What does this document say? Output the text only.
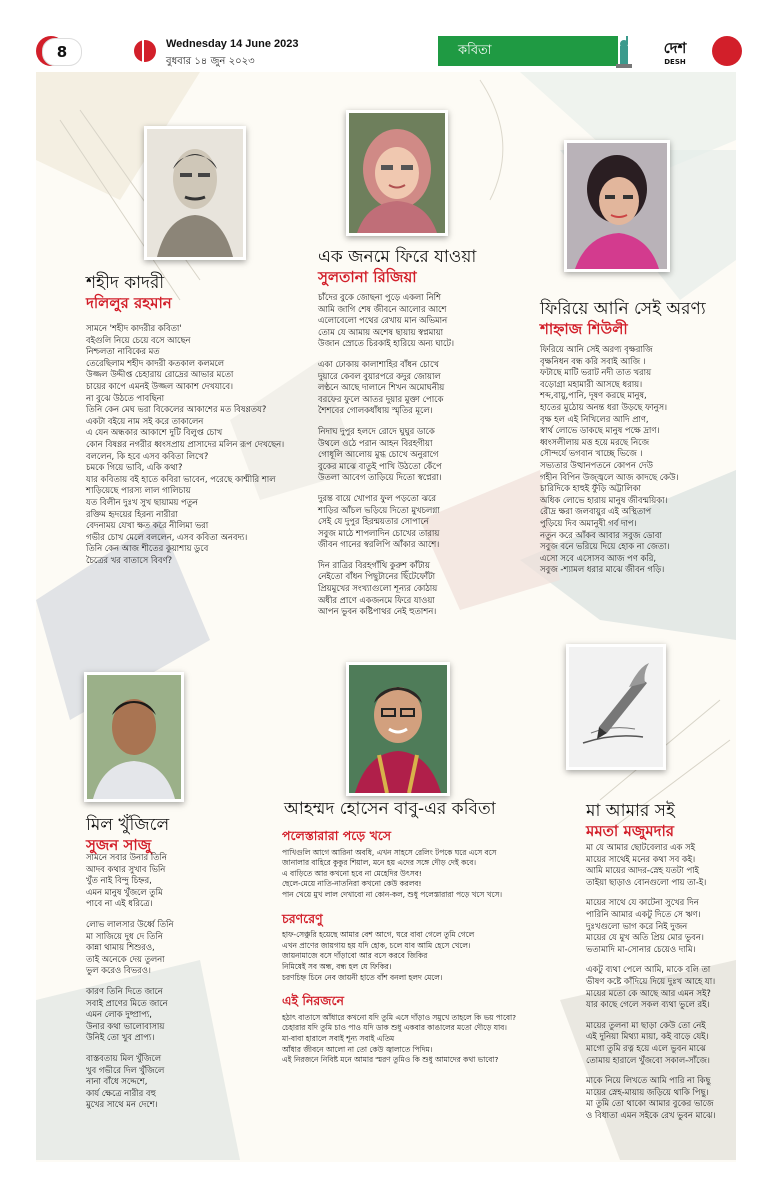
8	Wednesday 14 June 2023
বুধবার ১৪ জুন ২০২৩
কবিতা	দেশ
DESH
শহীদ কাদরী
দলিলুর রহমান
সামনে 'শহীদ কাদরীর কবিতা'
বইগুলি নিয়ে চেয়ে বসে আছেন
নিশ্চলতা নাবিকের মত
তেরেছিলাম শহীদ কাদরী কতকাল কলমলে
উজ্জল উদ্দীপ্ত চেহারায় রোদ্রের আভার মতো
চায়ের কাপে এমনই উজ্জল আকাশ দেখযাবে।
না বুঝে উঠতে পাবছিনা
তিনি কেন মেঘ ভরা বিকেলের আকাশের মত বিষণ্ণতয?
একটা বইয়ে নাম সই করে তাকালেন
এ যেন অন্ধকার আকাশে দুটি বিলুপ্ত চোখ
কোন বিষণ্ণর নগরীর ধ্বংসপ্রায় প্রাসাদের মলিন রূপ দেখছেন।
বললেন, কি হবে এসব কবিতা লিখে?
চমকে গিয়ে ভাবি, একি কথা?
যার কবিতায় বই হাতে কবিরা ভাবেন, পরেছে কাশ্মীরি শাল
শাড়িয়েছে পারস্য লাল গালিচায়
যত বিলীন দুঃখ সুখ ছায়াময় পতুন
রক্তিম হৃদয়ের হিরন্য নারীরা
বেদনাময় যেখা ক্ষত করে নীলিমা ভরা
গভীর চোখ মেলে বললেন, এসব কবিতা অনবদ্য।
তিনি কেন আজ শীতের কুয়াশায় ডুবে
চৈত্রের খর বাতাসে বিবর্ণ?
এক জনমে ফিরে যাওয়া
সুলতানা রিজিয়া
চাঁদের বুকে জোছনা পুড়ে একলা নিশি
আমি জাগি শেষ জীবনে আলোর আশে
এলোবেলো পথের রেখায় মান অভিমান
তোম যে আমায় অশেষ ছায়ায় স্বপ্নমায়া
উজান স্রোতে চিরকাই হারিয়ে অন্য ঘাটে।
একা ঢোকায় কালাশাহির বাঁধন চোখে
দুয়ারে কেবল বুয়ারপরে কদুর জোয়াল
লণ্ঠনে আছে দালানে শিখন অমোঘনীয়
বরফের ফুলে আতর দুয়ার মুক্তা পোকে
শৈশবের গোলকধাঁধায় স্মৃতির মূলে।
নিদাঘ দুপুর হলদে রোদে ঘুঘুর ডাকে
উথলে ওঠে পরান আহন বিরহগীয়া
গোধূলি আলোয় মুগ্ধ চোখে অনুরাগে
বুকের মাঝে বাতুই পাখি উঠতো কেঁপে
উতলা আবেগ তাড়িয়ে দিতো স্বপ্নেরা।
দুরন্ত বায়ে খোপার ফুল পড়তো ঝরে
শাড়ির আঁচল ভড়িয়ে দিতো মুখচলগ্না
সেই যে দুপুর হিরন্ময়তার সোপানে
সবুজ মাঠে শাপলাদিন চোখের তারায়
জীবন গানের স্বরলিপি আঁকার আশে।
দিন রাত্রির বিরহগাঁথি কুরুশ কাঁটায়
নেইতো বাঁধন পিছুটানের ছিঁটেফোঁটা
প্রিয়মুখের সংখ্যাগুলো শূন্যর কোঠায়
অধীর প্রাণে একজনমে ফিরে যাওয়া
আপন ভুবন কষ্টিপাথর নেই হুতাশন।
ফিরিয়ে আনি সেই অরণ্য
শাহ্নাজ শিউলী
ফিরিয়ে আনি সেই অরণ্য বৃক্ষরাজি
বৃক্ষনিধন বন্ধ করি সবাই আজি ।
ফটাছে মাটি ভরাট নদী তাত খরায়
বড়োগ্রা মহামারী আসছে ধরায়।
শব্দ,বায়ু,পানি, দূষণ করছে মানুষ,
হাতের মুঠোয় অনন্ত ধরা উড়ছে ফানুস।
বৃক্ষ হল এই নিখিলের আদি প্রাণ,
স্বার্থ লোভে ডাকছে মানুষ পক্ষে দ্রাণ।
ধ্বংসলীলায় মত্ত হয়ে মরছে নিজে
সৌন্দর্যে ভগবান খাচ্ছে ভিজে ।
সভ্যতার উত্থানপতনে কোপন দেউ
গহীন বিপিন উজ্জ্বলে আজ কাদছে কেউ।
চারিদিকে হাহুই ফুঁড়ি অট্টালিকা
অধিক লোভে হারায় মানুষ জীবন্ময়িকা।
রৌদ্র ক্ষরা জলবায়ুর এই অস্থিতাপ
পুড়িয়ে দিব অমানুষী গর্ব দাপ।
নতুন করে আঁকব আবার সবুজ ডোবা
সবুজ বনে ভরিয়ে দিয়ে হোক না জেতা।
এসো সবে এসোসব আজ পণ করি,
সবুজ -শ্যামল ধরার মাঝে জীবন গড়ি।
মিল খুঁজিলে
সুজন সাজু
সামনে সবার উনার তিনি
আদব কথার সুখাব ভিনি
খুঁত নাই বিন্দু চিহ্নর,
এমন মানুষ খুঁজলে তুমি
পাবে না এই ধরিত্রে।
লোভ লালসার উর্ধ্বে তিনি
মা সাজিয়ে দুধ দে তিনি
কান্না থামায় শিশুরও,
তাই অনেকে দেয় তুলনা
ভুল করেও বিভরও।
কারণ তিনি দিতে জানে
সবাই প্রাণের মিতে জানে
এমন লোক দুষ্প্রাপ্য,
উনার কথা ভালোবাসায়
উনিই তো খুব প্রাপ্য।
বাস্তবতায় মিল খুঁজিলে
খুব গভীরে দিল খুঁজিলে
নানা বাঁধে সদ্দেশে,
কার্য ক্ষেত্রে নারীর বহু
মুখের সাথে মন দেশে।
আহম্মদ হোসেন বাবু-এর কবিতা
পলেস্তারারা পড়ে খসে
পাখিগুলি আগে আরিনা অবধি, এখন সাহসে রেলিং টপকে ঘরে এসে বসে
জানালার বাহিরে কুকুর শিয়াল, মনে হয় এদের সঙ্গে দৌড় দেই কবে।
এ বাড়িতে আর কখনো হবে না মেহেদির উৎসব!
ছেলে-মেয়ে নাতি-নাতনিরা কখনো কেউ করলব!
পান খেয়ে মুখ লাল দেখাবো না কোন-কল, শুধু পলেস্তারারা পড়ে খসে খসে।
চরণরেণু
হাফ-সেঞ্চুরি হয়েছে আমার বেশ আগে, ঘরে বাবা গেলে তুমি গেলে
এখন প্রাণের জায়গায় হয় যদি হোক, চলে যাব আমি হেসে খেলে।
জায়নামাজে বসে দাঁড়াবো আর বসে করবে জিকির
নিমিষেই সব অন্ধ, বন্ধ হল যে ফিকির।
চরণচিহ্ন চিনে নেব জায়নী হাতে বাঁশ বনলা হলদ মেলে।
এই নিরজনে
হঠাৎ বাতাসে আঁধারে কখনো যদি তুমি এসে দাঁড়াও সমুখে তাহলে কি ভয় পাবো?
চেহারার যদি তুমি চাও পাও যদি ডাক শুধু একবার কাঙালের মতো দৌড়ে যাব।
মা-বাবা হারালে সবাই শূন্য সবাই এতিম
আঁধার জীবনে আলো না তো কেউ জ্বালাতে পিদিম।
এই নিরজনে নিবিষ্ট মনে আমার স্মরণ তুমিও কি শুধু আমাদের কথা ভাবো?
মা আমার সই
মমতা মজুমদার
মা যে আমার ছোটবেলার এক সই
মায়ের সাথেই মনের কথা সব কই।
আমি মায়ের আদর-স্নেহ যতটা পাই
তাইয়া ছাড়াও বোনগুলো পায় তা-ই।
মায়ের সাথে যে কাটেনা সুখের দিন
পারিনি আমার একটু দিতে সে ঋণ।
দুঃখগুলো ভাগ করে নিই দুজন
মায়ের যে মুখ অতি প্রিয় মোর ভুবন।
ভতামাদি মা-সোনার চেয়েও দামি।
একটু ব্যথা পেলে আমি, মাকে বলি তা
ভীষণ কষ্টে কাঁদিয়ে দিয়ে দুঃখ আহে যা।
মায়ের মতো কে আছে আর এমন সই?
যার কাছে গেলে সকল ব্যথা ভুলে রই।
মায়ের তুলনা মা ছাড়া কেউ তো নেই
এই দুনিয়া মিথ্যা মায়া, কই বাড়ে যেই।
মাগো তুমি রত্ন হয়ে এলে ভুবন মাঝে
তোমায় হারালে খুঁজবো সকাল-সাঁজে।
মাকে নিয়ে লিখতে আমি পারি না কিছু
মায়ের স্নেহ-মায়ায় জড়িয়ে থাকি পিছু।
মা তুমি তো থাকো আমার বুকের ভাজে
ও বিধাতা এমন সইকে রেখ ভুবন মাঝে।
